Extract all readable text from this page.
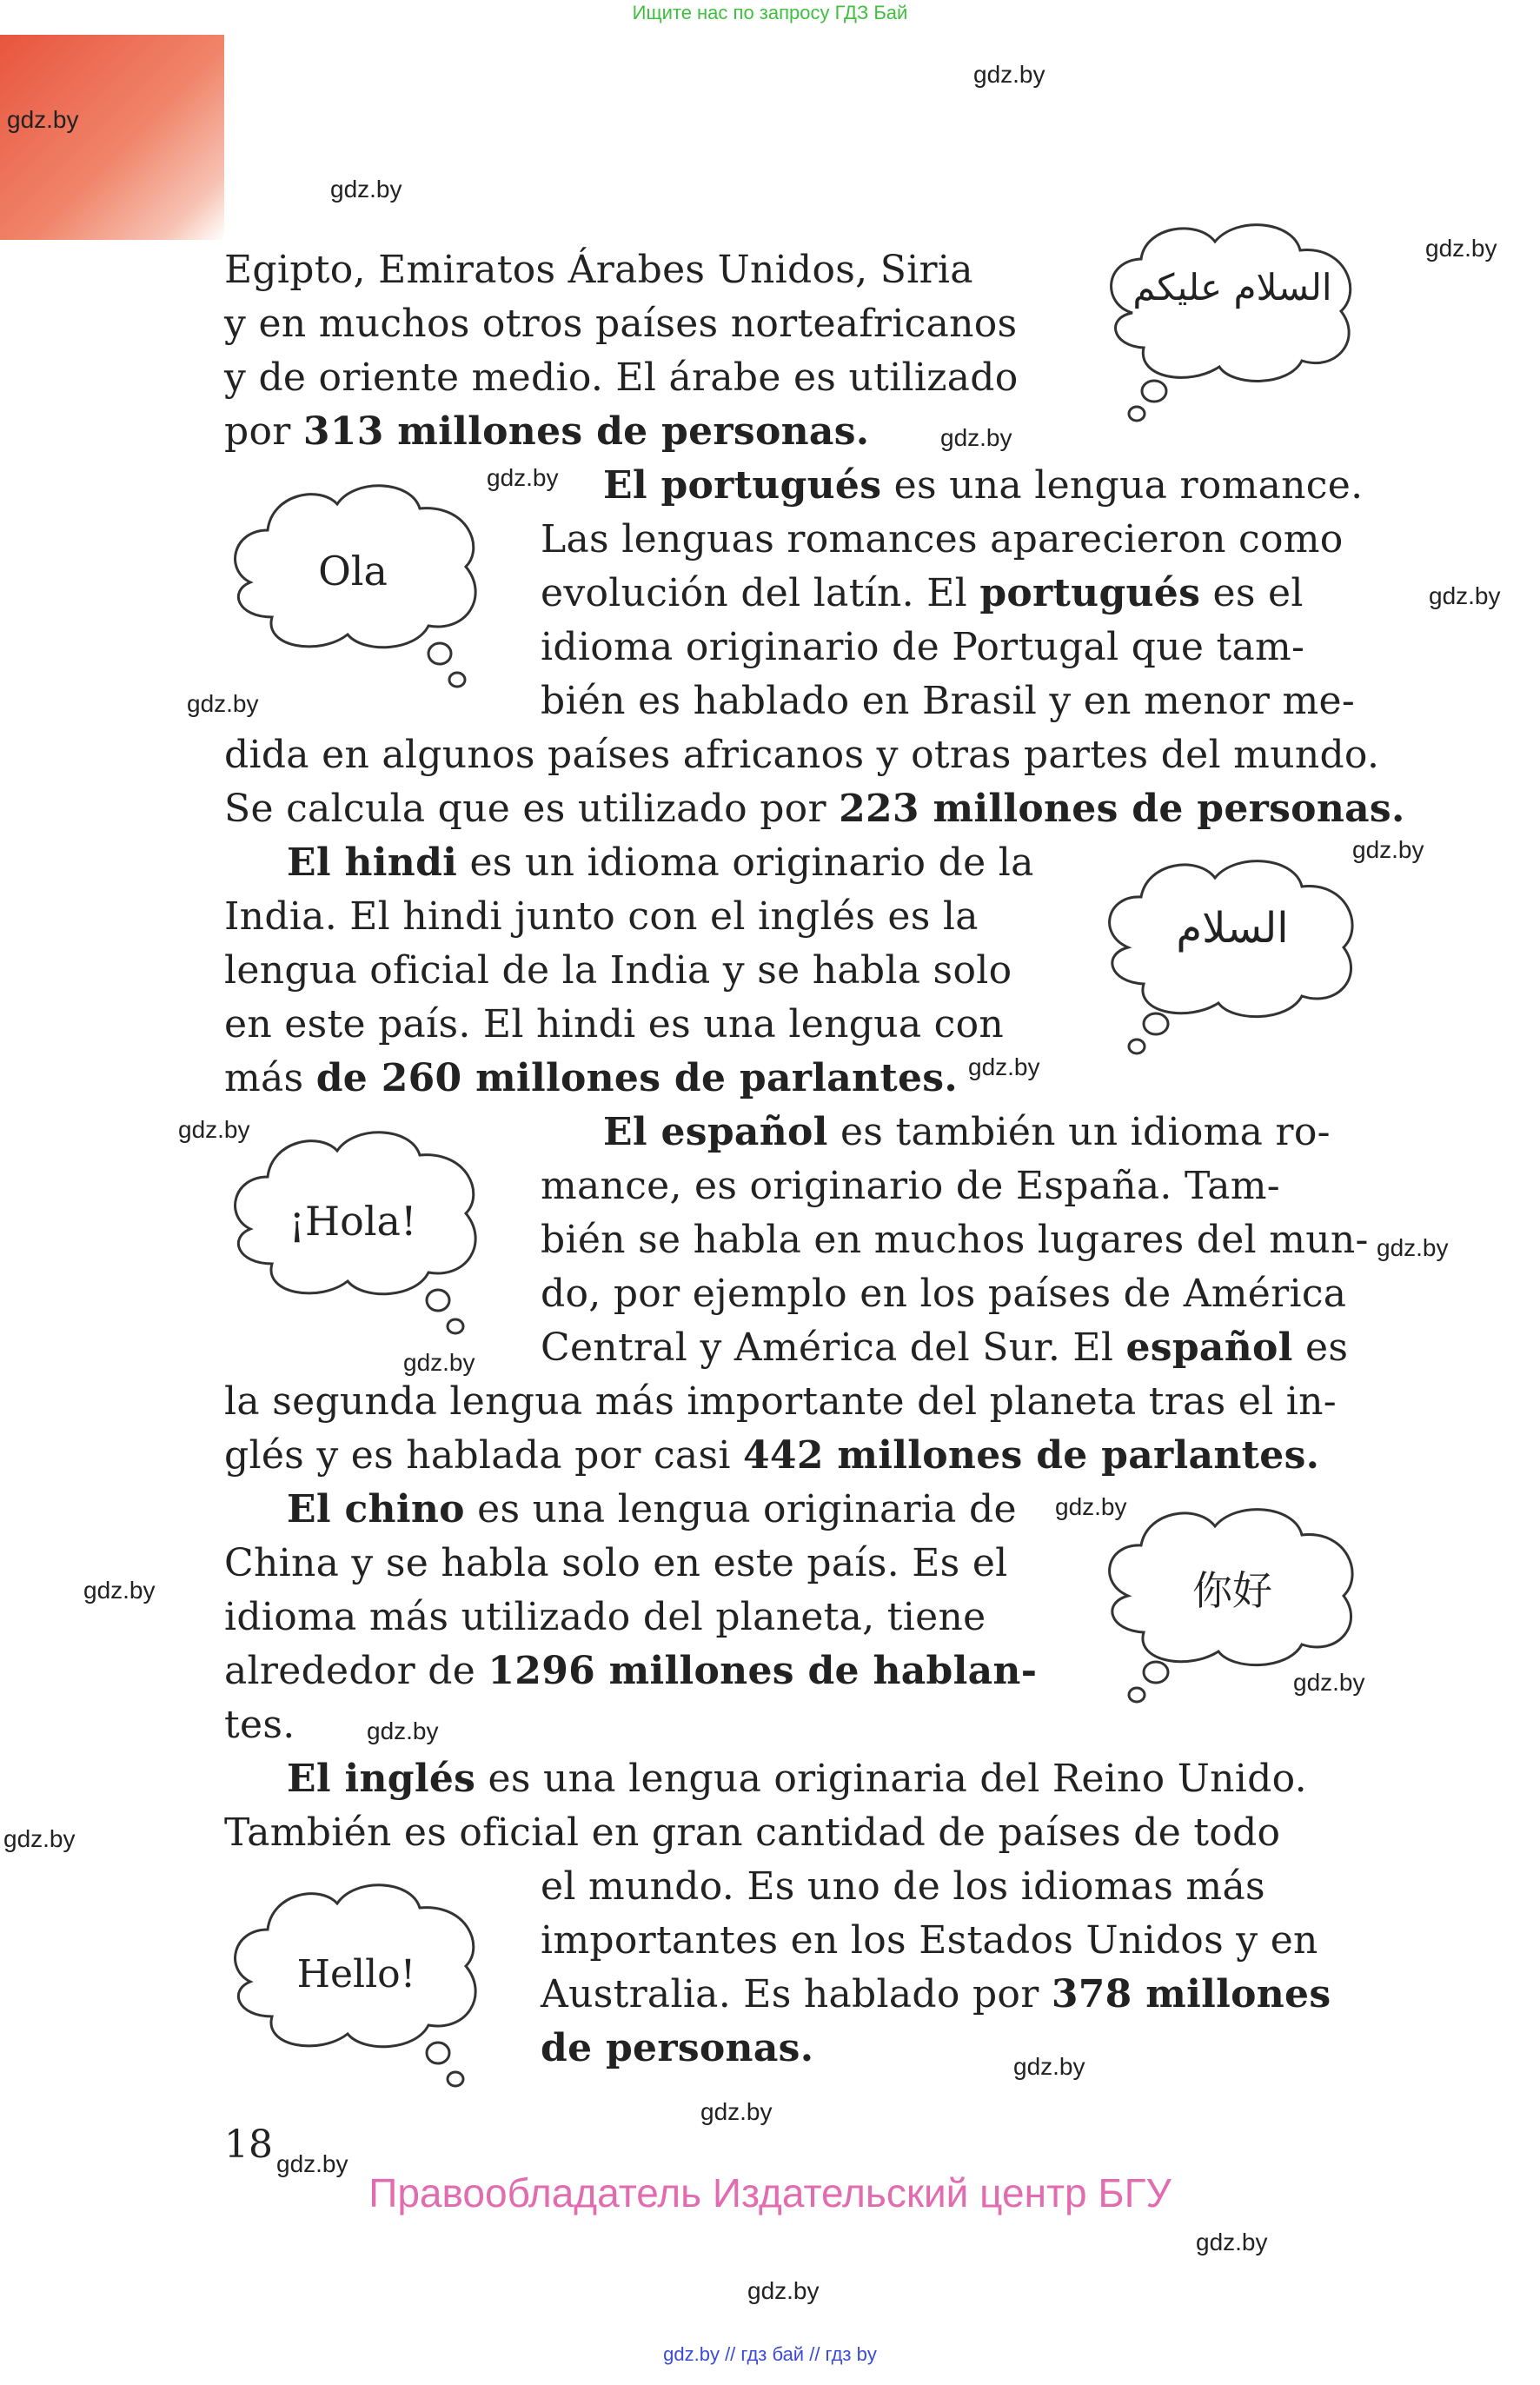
Ищите нас по запросу ГДЗ Бай
gdz.by
gdz.by
gdz.by
gdz.by
gdz.by
gdz.by
gdz.by
gdz.by
gdz.by
gdz.by
gdz.by
gdz.by
gdz.by
gdz.by
gdz.by
gdz.by
gdz.by
gdz.by
gdz.by
gdz.by
gdz.by
gdz.by
gdz.by
Egipto, Emiratos Árabes Unidos, Siria
y en muchos otros países norteafricanos
y de oriente medio. El árabe es utilizado
por 313 millones de personas.
El portugués es una lengua romance.
Las lenguas romances aparecieron como
evolución del latín. El portugués es el
idioma originario de Portugal que tam-
bién es hablado en Brasil y en menor me-
dida en algunos países africanos y otras partes del mundo.
Se calcula que es utilizado por 223 millones de personas.
El hindi es un idioma originario de la
India. El hindi junto con el inglés es la
lengua oficial de la India y se habla solo
en este país. El hindi es una lengua con
más de 260 millones de parlantes.
El español es también un idioma ro-
mance, es originario de España. Tam-
bién se habla en muchos lugares del mun-
do, por ejemplo en los países de América
Central y América del Sur. El español es
la segunda lengua más importante del planeta tras el in-
glés y es hablada por casi 442 millones de parlantes.
El chino es una lengua originaria de
China y se habla solo en este país. Es el
idioma más utilizado del planeta, tiene
alrededor de 1296 millones de hablan-
tes.
El inglés es una lengua originaria del Reino Unido.
También es oficial en gran cantidad de países de todo
el mundo. Es uno de los idiomas más
importantes en los Estados Unidos y en
Australia. Es hablado por 378 millones
de personas.
السلام عليكم
Ola
السلام
¡Hola!
你好
Hello!
18
Правообладатель Издательский центр БГУ
gdz.by // гдз бай // гдз by
